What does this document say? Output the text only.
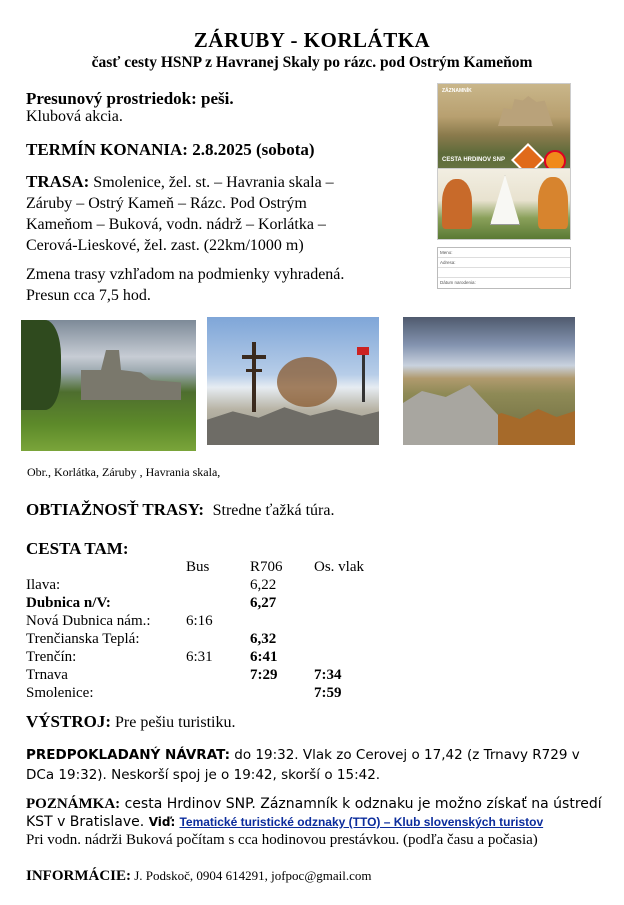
ZÁRUBY - KORLÁTKA
časť cesty HSNP z Havranej Skaly po rázc. pod Ostrým Kameňom
Presunový prostriedok: peši.
Klubová akcia.
TERMÍN KONANIA: 2.8.2025 (sobota)
TRASA: Smolenice, žel. st. – Havrania skala – Záruby – Ostrý Kameň – Rázc. Pod Ostrým Kameňom – Buková, vodn. nádrž – Korlátka – Cerová-Lieskové, žel. zast. (22km/1000 m)
Zmena trasy vzhľadom na podmienky vyhradená.
Presun cca 7,5 hod.
ZÁZNAMNÍK
CESTA HRDINOV SNP
Meno:
Adresa:
Dátum narodenia:
Obr., Korlátka, Záruby , Havrania skala,
OBTIAŽNOSŤ TRASY: Stredne ťažká túra.
CESTA TAM:
	Bus	R706	Os. vlak
Ilava:		6,22	
Dubnica n/V:		6,27	
Nová Dubnica nám.:	6:16		
Trenčianska Teplá:		6,32	
Trenčín:	6:31	6:41	
Trnava		7:29	7:34
Smolenice:			7:59
VÝSTROJ: Pre pešiu turistiku.
PREDPOKLADANÝ NÁVRAT: do 19:32. Vlak zo Cerovej o 17,42 (z Trnavy R729 v DCa 19:32). Neskorší spoj je o 19:42, skorší o 15:42.
POZNÁMKA: cesta Hrdinov SNP. Záznamník k odznaku je možno získať na ústredí KST v Bratislave. Viď: Tematické turistické odznaky (TTO) – Klub slovenských turistov
Pri vodn. nádrži Buková počítam s cca hodinovou prestávkou. (podľa času a počasia)
INFORMÁCIE: J. Podskoč, 0904 614291, jofpoc@gmail.com
